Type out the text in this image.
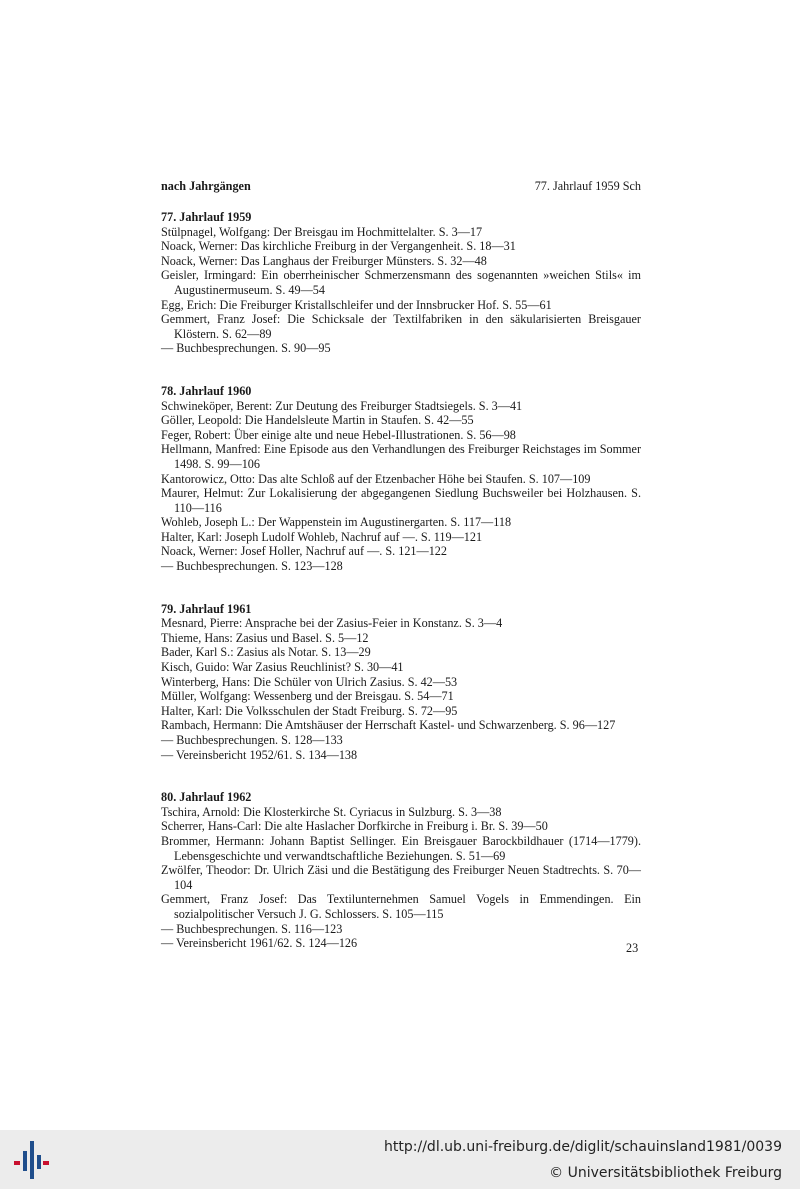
nach Jahrgängen	77. Jahrlauf 1959 Sch
77. Jahrlauf 1959
Stülpnagel, Wolfgang: Der Breisgau im Hochmittelalter. S. 3—17
Noack, Werner: Das kirchliche Freiburg in der Vergangenheit. S. 18—31
Noack, Werner: Das Langhaus der Freiburger Münsters. S. 32—48
Geisler, Irmingard: Ein oberrheinischer Schmerzensmann des sogenannten »weichen Stils« im Augustinermuseum. S. 49—54
Egg, Erich: Die Freiburger Kristallschleifer und der Innsbrucker Hof. S. 55—61
Gemmert, Franz Josef: Die Schicksale der Textilfabriken in den säkularisierten Breisgauer Klöstern. S. 62—89
— Buchbesprechungen. S. 90—95
78. Jahrlauf 1960
Schwineköper, Berent: Zur Deutung des Freiburger Stadtsiegels. S. 3—41
Göller, Leopold: Die Handelsleute Martin in Staufen. S. 42—55
Feger, Robert: Über einige alte und neue Hebel-Illustrationen. S. 56—98
Hellmann, Manfred: Eine Episode aus den Verhandlungen des Freiburger Reichstages im Sommer 1498. S. 99—106
Kantorowicz, Otto: Das alte Schloß auf der Etzenbacher Höhe bei Staufen. S. 107—109
Maurer, Helmut: Zur Lokalisierung der abgegangenen Siedlung Buchsweiler bei Holzhausen. S. 110—116
Wohleb, Joseph L.: Der Wappenstein im Augustinergarten. S. 117—118
Halter, Karl: Joseph Ludolf Wohleb, Nachruf auf —. S. 119—121
Noack, Werner: Josef Holler, Nachruf auf —. S. 121—122
— Buchbesprechungen. S. 123—128
79. Jahrlauf 1961
Mesnard, Pierre: Ansprache bei der Zasius-Feier in Konstanz. S. 3—4
Thieme, Hans: Zasius und Basel. S. 5—12
Bader, Karl S.: Zasius als Notar. S. 13—29
Kisch, Guido: War Zasius Reuchlinist? S. 30—41
Winterberg, Hans: Die Schüler von Ulrich Zasius. S. 42—53
Müller, Wolfgang: Wessenberg und der Breisgau. S. 54—71
Halter, Karl: Die Volksschulen der Stadt Freiburg. S. 72—95
Rambach, Hermann: Die Amtshäuser der Herrschaft Kastel- und Schwarzenberg. S. 96—127
— Buchbesprechungen. S. 128—133
— Vereinsbericht 1952/61. S. 134—138
80. Jahrlauf 1962
Tschira, Arnold: Die Klosterkirche St. Cyriacus in Sulzburg. S. 3—38
Scherrer, Hans-Carl: Die alte Haslacher Dorfkirche in Freiburg i. Br. S. 39—50
Brommer, Hermann: Johann Baptist Sellinger. Ein Breisgauer Barockbildhauer (1714—1779). Lebensgeschichte und verwandtschaftliche Beziehungen. S. 51—69
Zwölfer, Theodor: Dr. Ulrich Zäsi und die Bestätigung des Freiburger Neuen Stadtrechts. S. 70—104
Gemmert, Franz Josef: Das Textilunternehmen Samuel Vogels in Emmendingen. Ein sozialpolitischer Versuch J. G. Schlossers. S. 105—115
— Buchbesprechungen. S. 116—123
— Vereinsbericht 1961/62. S. 124—126	23
http://dl.ub.uni-freiburg.de/diglit/schauinsland1981/0039
© Universitätsbibliothek Freiburg
